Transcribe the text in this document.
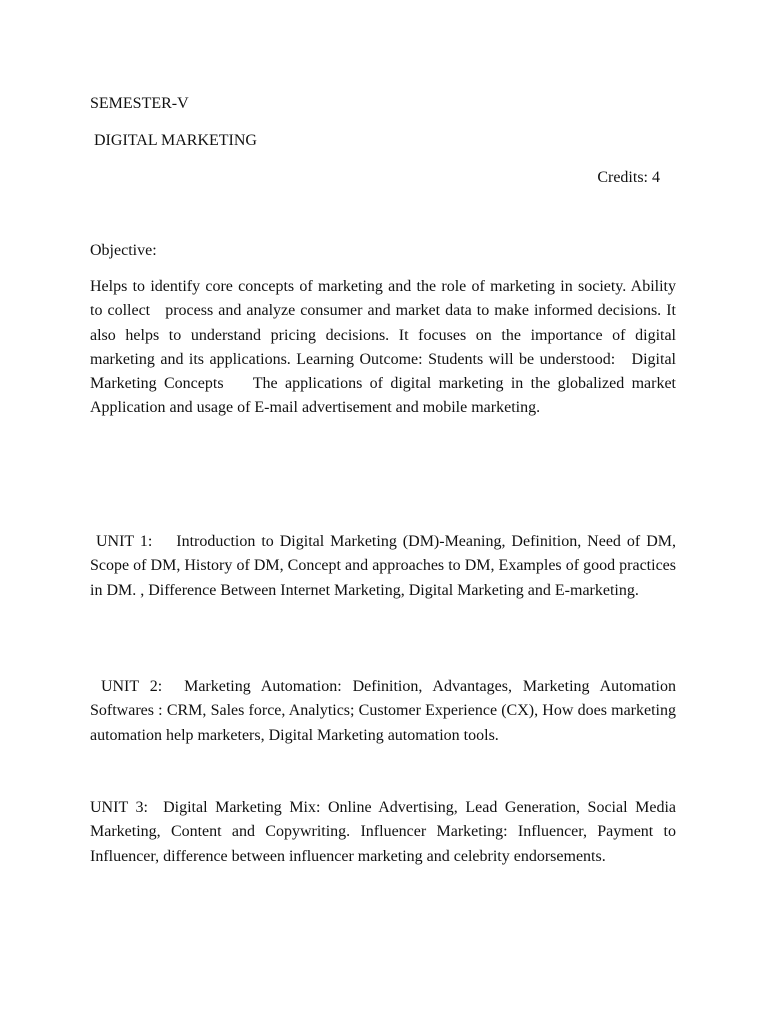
SEMESTER-V
DIGITAL MARKETING
Credits: 4
Objective:
Helps to identify core concepts of marketing and the role of marketing in society. Ability  to collect   process and analyze consumer and market data to make informed decisions. It also helps to understand pricing decisions. It focuses on the importance of digital marketing and its applications. Learning Outcome: Students will be understood:   Digital Marketing Concepts    The applications of digital marketing in the globalized market   Application and usage of E-mail advertisement and mobile marketing.
UNIT 1:    Introduction to Digital Marketing (DM)-Meaning, Definition, Need of DM, Scope of DM, History of DM, Concept and approaches to DM, Examples of good practices in DM. , Difference Between Internet Marketing, Digital Marketing and E-marketing.
UNIT 2:  Marketing Automation: Definition, Advantages, Marketing Automation Softwares : CRM, Sales force, Analytics; Customer Experience (CX), How does marketing automation help marketers, Digital Marketing automation tools.
UNIT 3:  Digital Marketing Mix: Online Advertising, Lead Generation, Social Media Marketing, Content and Copywriting. Influencer Marketing: Influencer, Payment to Influencer, difference between influencer marketing and celebrity endorsements.
